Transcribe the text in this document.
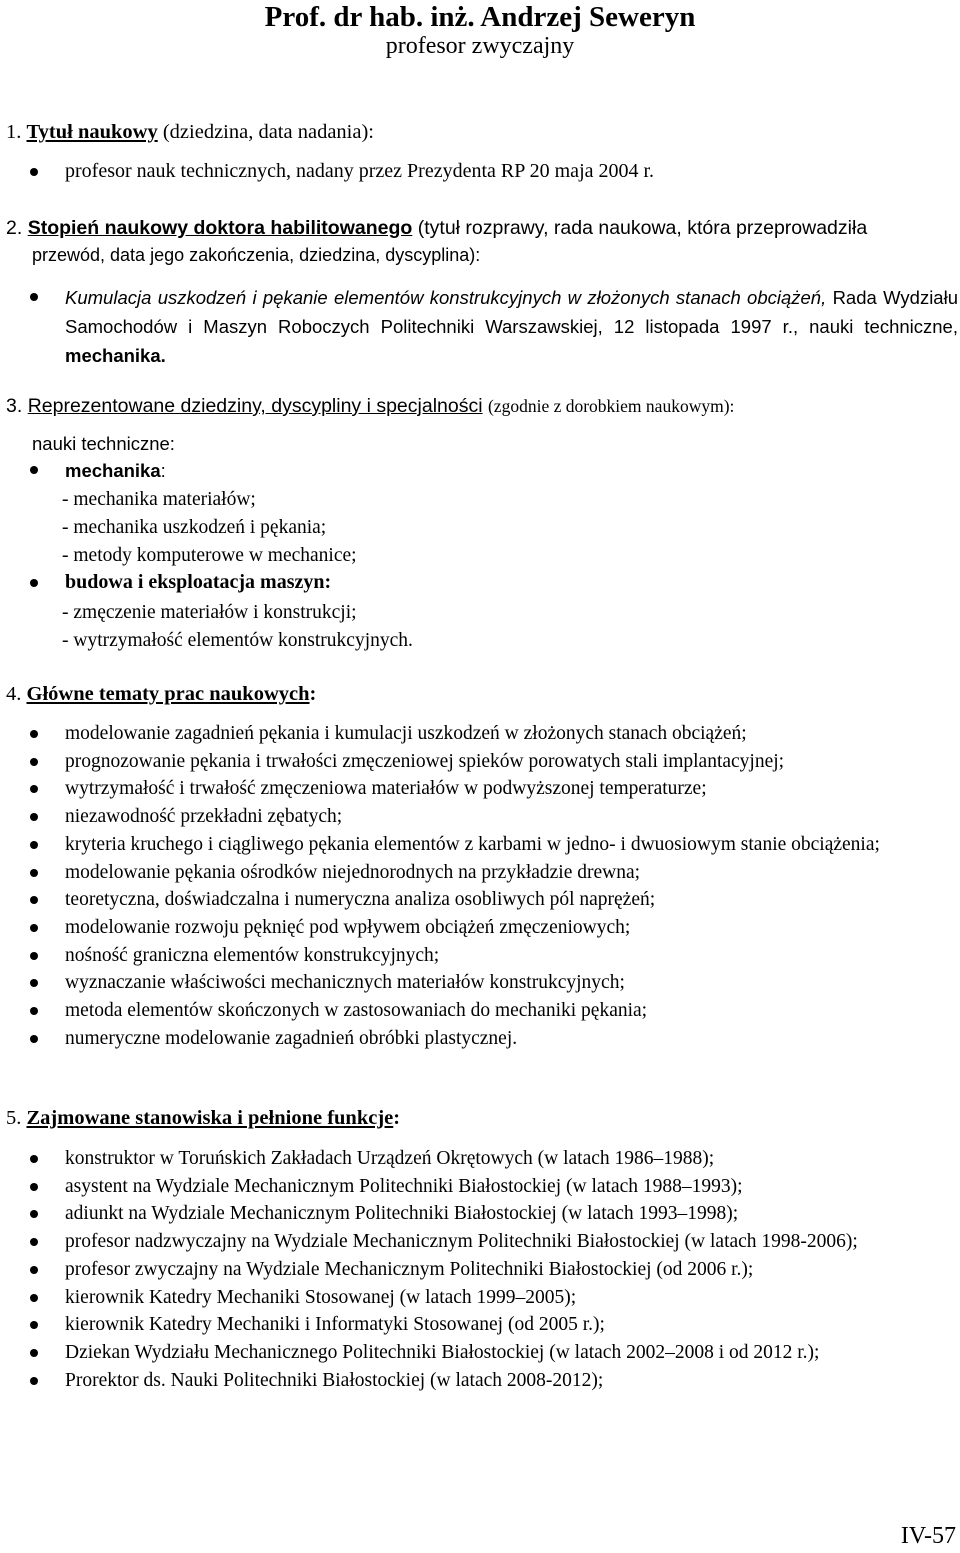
Prof. dr hab. inż. Andrzej Seweryn
profesor zwyczajny
1. Tytuł naukowy (dziedzina, data nadania):
profesor nauk technicznych, nadany przez Prezydenta RP 20 maja 2004 r.
2. Stopień naukowy doktora habilitowanego (tytuł rozprawy, rada naukowa, która przeprowadziła
przewód, data jego zakończenia, dziedzina, dyscyplina):
Kumulacja uszkodzeń i pękanie elementów konstrukcyjnych w złożonych stanach obciążeń, Rada Wydziału Samochodów i Maszyn Roboczych Politechniki Warszawskiej, 12 listopada 1997 r., nauki techniczne, mechanika.
3. Reprezentowane dziedziny, dyscypliny i specjalności (zgodnie z dorobkiem naukowym):
nauki techniczne:
mechanika:
- mechanika materiałów;
- mechanika uszkodzeń i pękania;
- metody komputerowe w mechanice;
budowa i eksploatacja maszyn:
- zmęczenie materiałów i konstrukcji;
- wytrzymałość elementów konstrukcyjnych.
4. Główne tematy prac naukowych:
modelowanie zagadnień pękania i kumulacji uszkodzeń w złożonych stanach obciążeń;
prognozowanie pękania i trwałości zmęczeniowej spieków porowatych stali implantacyjnej;
wytrzymałość i trwałość zmęczeniowa materiałów w podwyższonej temperaturze;
niezawodność przekładni zębatych;
kryteria kruchego i ciągliwego pękania elementów z karbami w jedno- i dwuosiowym stanie obciążenia;
modelowanie pękania ośrodków niejednorodnych na przykładzie drewna;
teoretyczna, doświadczalna i numeryczna analiza osobliwych pól naprężeń;
modelowanie rozwoju pęknięć pod wpływem obciążeń zmęczeniowych;
nośność graniczna elementów konstrukcyjnych;
wyznaczanie właściwości mechanicznych materiałów konstrukcyjnych;
metoda elementów skończonych w zastosowaniach do mechaniki pękania;
numeryczne modelowanie zagadnień obróbki plastycznej.
5. Zajmowane stanowiska i pełnione funkcje:
konstruktor w Toruńskich Zakładach Urządzeń Okrętowych (w latach 1986–1988);
asystent na Wydziale Mechanicznym Politechniki Białostockiej (w latach 1988–1993);
adiunkt na Wydziale Mechanicznym Politechniki Białostockiej (w latach 1993–1998);
profesor nadzwyczajny na Wydziale Mechanicznym Politechniki Białostockiej (w latach 1998-2006);
profesor zwyczajny na Wydziale Mechanicznym Politechniki Białostockiej (od 2006 r.);
kierownik Katedry Mechaniki Stosowanej (w latach 1999–2005);
kierownik Katedry Mechaniki i Informatyki Stosowanej (od 2005 r.);
Dziekan Wydziału Mechanicznego Politechniki Białostockiej (w latach 2002–2008 i od 2012 r.);
Prorektor ds. Nauki Politechniki Białostockiej (w latach 2008-2012);
IV-57
